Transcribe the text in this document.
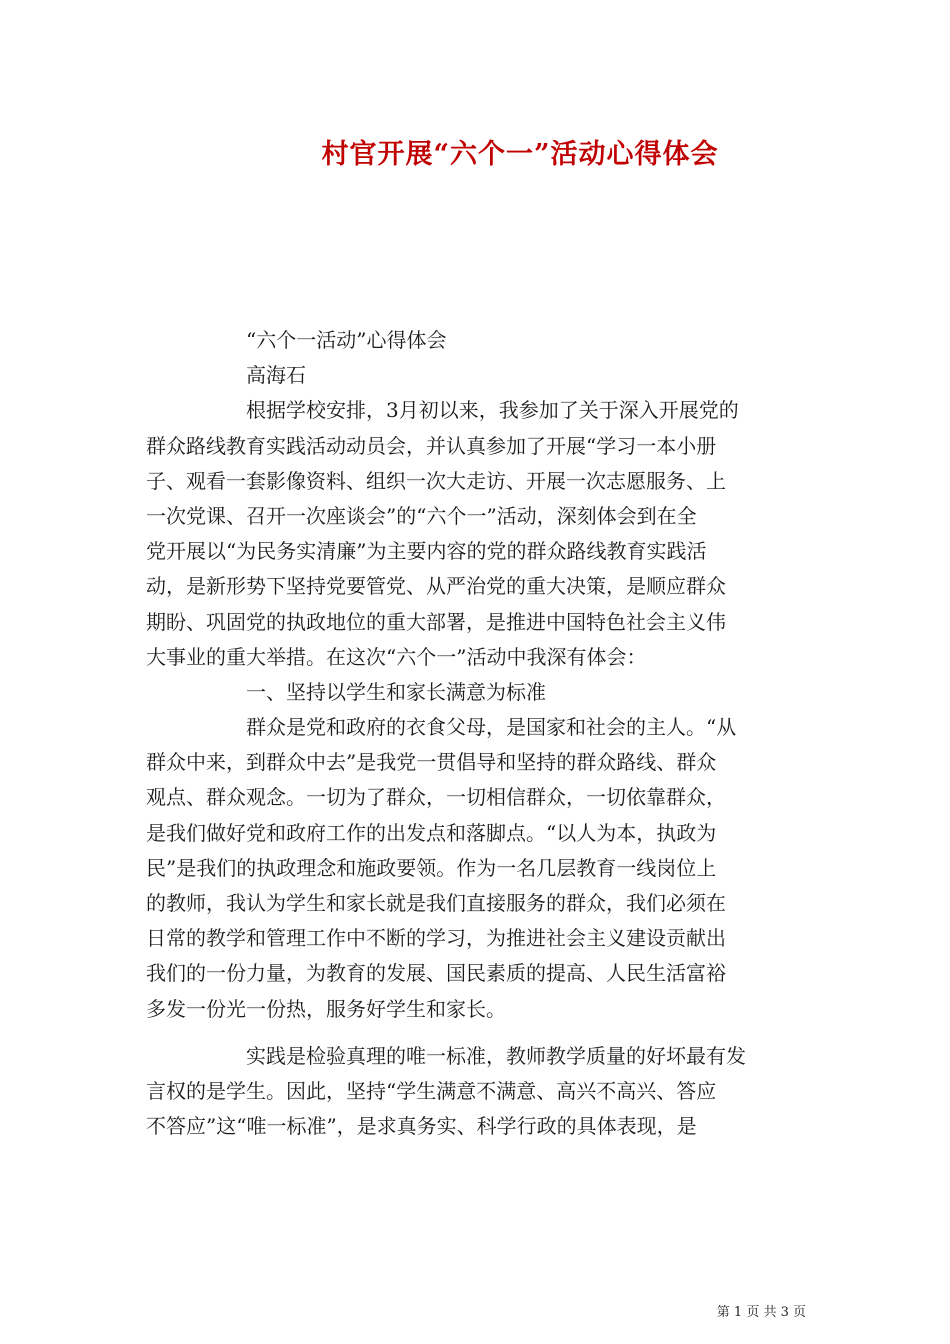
村官开展“六个一”活动心得体会
“六个一活动”心得体会
高海石
根据学校安排，3月初以来，我参加了关于深入开展党的
群众路线教育实践活动动员会，并认真参加了开展“学习一本小册
子、观看一套影像资料、组织一次大走访、开展一次志愿服务、上
一次党课、召开一次座谈会”的“六个一”活动，深刻体会到在全
党开展以“为民务实清廉”为主要内容的党的群众路线教育实践活
动，是新形势下坚持党要管党、从严治党的重大决策，是顺应群众
期盼、巩固党的执政地位的重大部署，是推进中国特色社会主义伟
大事业的重大举措。在这次“六个一”活动中我深有体会：
一、坚持以学生和家长满意为标准
群众是党和政府的衣食父母，是国家和社会的主人。“从
群众中来，到群众中去”是我党一贯倡导和坚持的群众路线、群众
观点、群众观念。一切为了群众，一切相信群众，一切依靠群众，
是我们做好党和政府工作的出发点和落脚点。“以人为本，执政为
民”是我们的执政理念和施政要领。作为一名几层教育一线岗位上
的教师，我认为学生和家长就是我们直接服务的群众，我们必须在
日常的教学和管理工作中不断的学习，为推进社会主义建设贡献出
我们的一份力量，为教育的发展、国民素质的提高、人民生活富裕
多发一份光一份热，服务好学生和家长。
实践是检验真理的唯一标准，教师教学质量的好坏最有发
言权的是学生。因此，坚持“学生满意不满意、高兴不高兴、答应
不答应”这“唯一标准”，是求真务实、科学行政的具体表现，是
第 1 页 共 3 页
